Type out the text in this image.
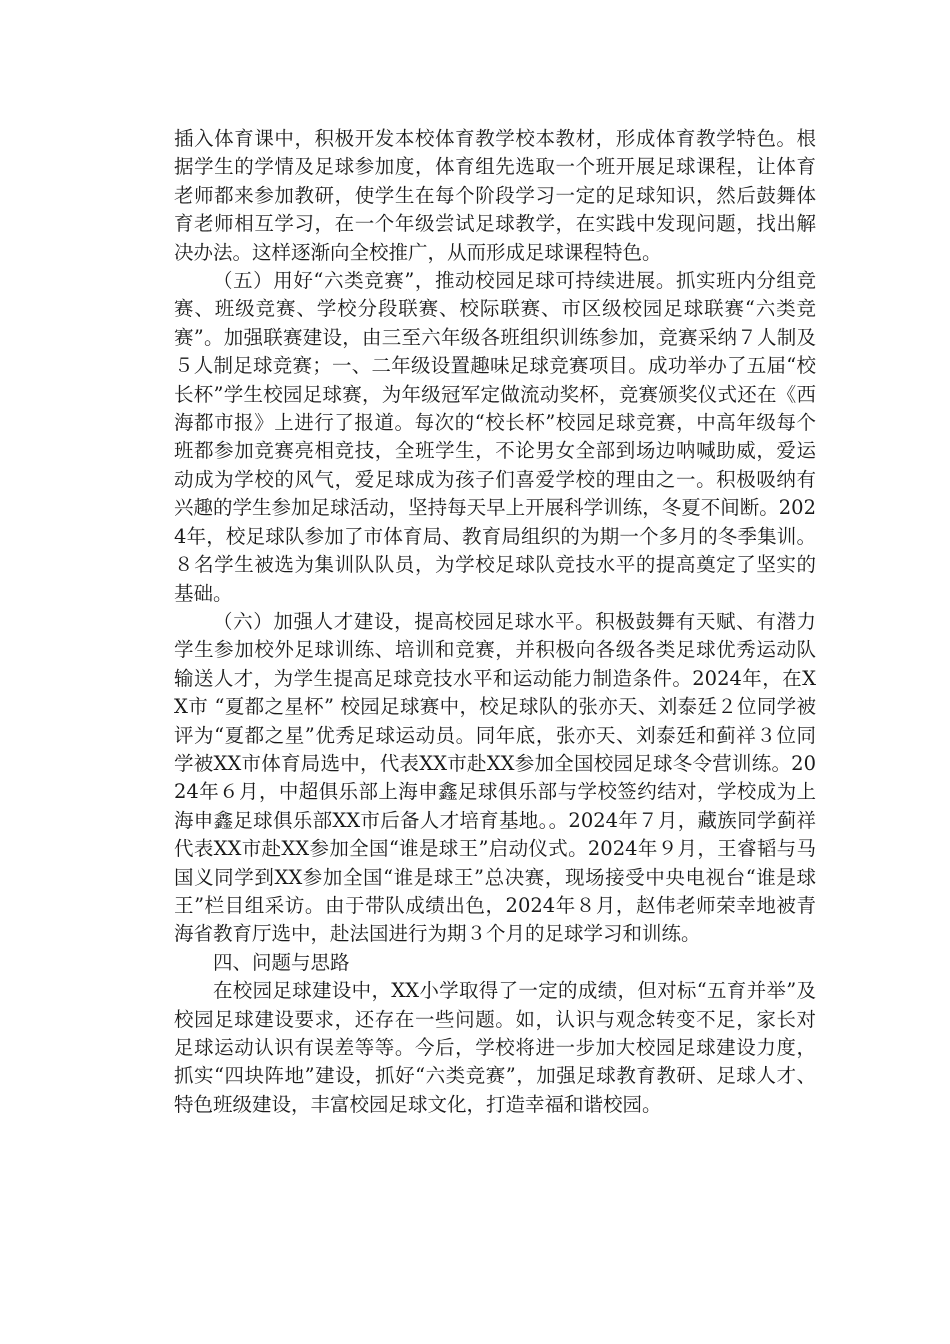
插入体育课中，积极开发本校体育教学校本教材，形成体育教学特色。根据学生的学情及足球参加度，体育组先选取一个班开展足球课程，让体育老师都来参加教研，使学生在每个阶段学习一定的足球知识，然后鼓舞体育老师相互学习，在一个年级尝试足球教学，在实践中发现问题，找出解决办法。这样逐渐向全校推广，从而形成足球课程特色。

（五）用好“六类竞赛”，推动校园足球可持续进展。抓实班内分组竞赛、班级竞赛、学校分段联赛、校际联赛、市区级校园足球联赛“六类竞赛”。加强联赛建设，由三至六年级各班组织训练参加，竞赛采纳７人制及５人制足球竞赛；一、二年级设置趣味足球竞赛项目。成功举办了五届“校长杯”学生校园足球赛，为年级冠军定做流动奖杯，竞赛颁奖仪式还在《西海都市报》上进行了报道。每次的“校长杯”校园足球竞赛，中高年级每个班都参加竞赛亮相竞技，全班学生，不论男女全部到场边呐喊助威，爱运动成为学校的风气，爱足球成为孩子们喜爱学校的理由之一。积极吸纳有兴趣的学生参加足球活动，坚持每天早上开展科学训练，冬夏不间断。2024年，校足球队参加了市体育局、教育局组织的为期一个多月的冬季集训。８名学生被选为集训队队员，为学校足球队竞技水平的提高奠定了坚实的基础。

（六）加强人才建设，提高校园足球水平。积极鼓舞有天赋、有潜力学生参加校外足球训练、培训和竞赛，并积极向各级各类足球优秀运动队输送人才，为学生提高足球竞技水平和运动能力制造条件。2024年，在XX市 “夏都之星杯” 校园足球赛中，校足球队的张亦天、刘泰廷２位同学被评为“夏都之星”优秀足球运动员。同年底，张亦天、刘泰廷和蓟祥３位同学被XX市体育局选中，代表XX市赴XX参加全国校园足球冬令营训练。2024年６月，中超俱乐部上海申鑫足球俱乐部与学校签约结对，学校成为上海申鑫足球俱乐部XX市后备人才培育基地。。2024年７月，藏族同学蓟祥代表XX市赴XX参加全国“谁是球王”启动仪式。2024年９月，王睿韬与马国义同学到XX参加全国“谁是球王”总决赛，现场接受中央电视台“谁是球王”栏目组采访。由于带队成绩出色，2024年８月，赵伟老师荣幸地被青海省教育厅选中，赴法国进行为期３个月的足球学习和训练。

四、问题与思路

在校园足球建设中，XX小学取得了一定的成绩，但对标“五育并举”及校园足球建设要求，还存在一些问题。如，认识与观念转变不足，家长对足球运动认识有误差等等。今后，学校将进一步加大校园足球建设力度，抓实“四块阵地”建设，抓好“六类竞赛”，加强足球教育教研、足球人才、特色班级建设，丰富校园足球文化，打造幸福和谐校园。
